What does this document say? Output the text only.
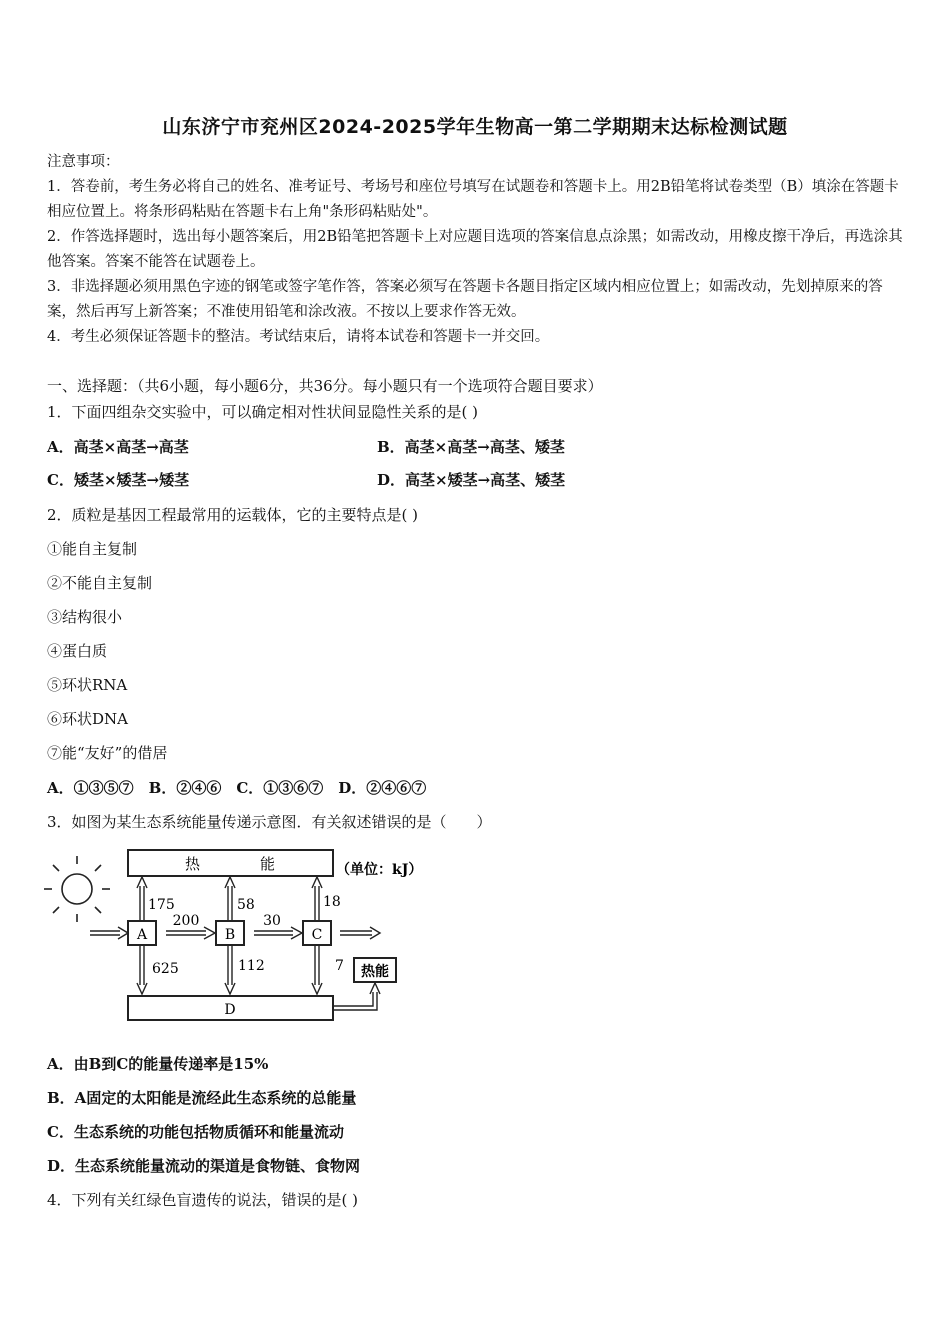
山东济宁市兖州区2024-2025学年生物高一第二学期期末达标检测试题

注意事项：

1．答卷前，考生务必将自己的姓名、准考证号、考场号和座位号填写在试题卷和答题卡上。用2B铅笔将试卷类型（B）填涂在答题卡相应位置上。将条形码粘贴在答题卡右上角"条形码粘贴处"。

2．作答选择题时，选出每小题答案后，用2B铅笔把答题卡上对应题目选项的答案信息点涂黑；如需改动，用橡皮擦干净后，再选涂其他答案。答案不能答在试题卷上。

3．非选择题必须用黑色字迹的钢笔或签字笔作答，答案必须写在答题卡各题目指定区域内相应位置上；如需改动，先划掉原来的答案，然后再写上新答案；不准使用铅笔和涂改液。不按以上要求作答无效。

4．考生必须保证答题卡的整洁。考试结束后，请将本试卷和答题卡一并交回。

一、选择题：（共6小题，每小题6分，共36分。每小题只有一个选项符合题目要求）
1．下面四组杂交实验中，可以确定相对性状间显隐性关系的是( )
A．高茎×高茎→高茎	B．高茎×高茎→高茎、矮茎
C．矮茎×矮茎→矮茎	D．高茎×矮茎→高茎、矮茎
2．质粒是基因工程最常用的运载体，它的主要特点是( )
①能自主复制
②不能自主复制
③结构很小
④蛋白质
⑤环状RNA
⑥环状DNA
⑦能“友好”的借居
A．①③⑤⑦　B．②④⑥　C．①③⑥⑦　D．②④⑥⑦
3．如图为某生态系统能量传递示意图．有关叙述错误的是（　　）
热　　　　能	（单位：kJ）
A	B	C
200	30
175	58	18
625	112	7
D
热能
A．由B到C的能量传递率是15%
B．A固定的太阳能是流经此生态系统的总能量
C．生态系统的功能包括物质循环和能量流动
D．生态系统能量流动的渠道是食物链、食物网
4．下列有关红绿色盲遗传的说法，错误的是( )
